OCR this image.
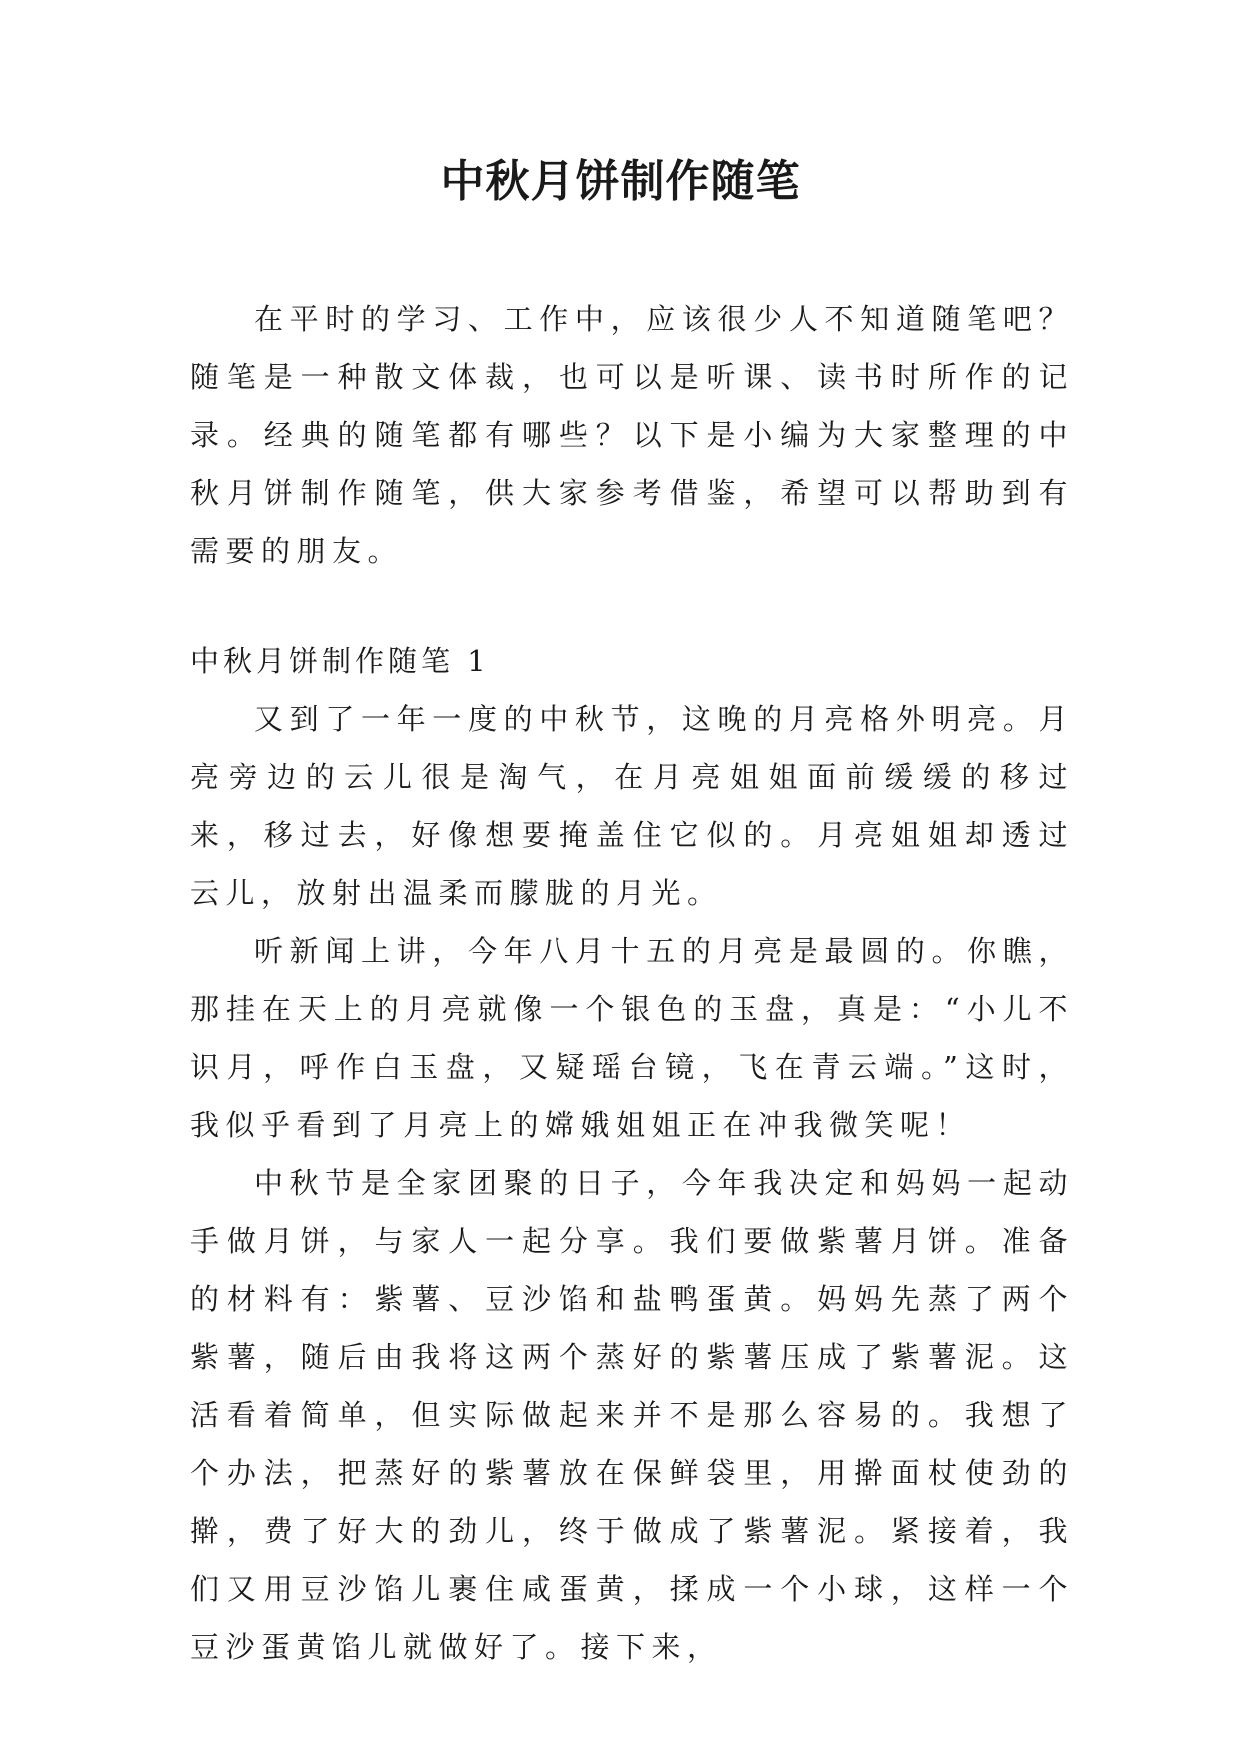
中秋月饼制作随笔

在平时的学习、工作中，应该很少人不知道随笔吧？随笔是一种散文体裁，也可以是听课、读书时所作的记录。经典的随笔都有哪些？以下是小编为大家整理的中秋月饼制作随笔，供大家参考借鉴，希望可以帮助到有需要的朋友。

中秋月饼制作随笔 1

又到了一年一度的中秋节，这晚的月亮格外明亮。月亮旁边的云儿很是淘气，在月亮姐姐面前缓缓的移过来，移过去，好像想要掩盖住它似的。月亮姐姐却透过云儿，放射出温柔而朦胧的月光。

听新闻上讲，今年八月十五的月亮是最圆的。你瞧，那挂在天上的月亮就像一个银色的玉盘，真是：“小儿不识月，呼作白玉盘，又疑瑶台镜，飞在青云端。”这时，我似乎看到了月亮上的嫦娥姐姐正在冲我微笑呢！

中秋节是全家团聚的日子，今年我决定和妈妈一起动手做月饼，与家人一起分享。我们要做紫薯月饼。准备的材料有：紫薯、豆沙馅和盐鸭蛋黄。妈妈先蒸了两个紫薯，随后由我将这两个蒸好的紫薯压成了紫薯泥。这活看着简单，但实际做起来并不是那么容易的。我想了个办法，把蒸好的紫薯放在保鲜袋里，用擀面杖使劲的擀，费了好大的劲儿，终于做成了紫薯泥。紧接着，我们又用豆沙馅儿裹住咸蛋黄，揉成一个小球，这样一个豆沙蛋黄馅儿就做好了。接下来，
